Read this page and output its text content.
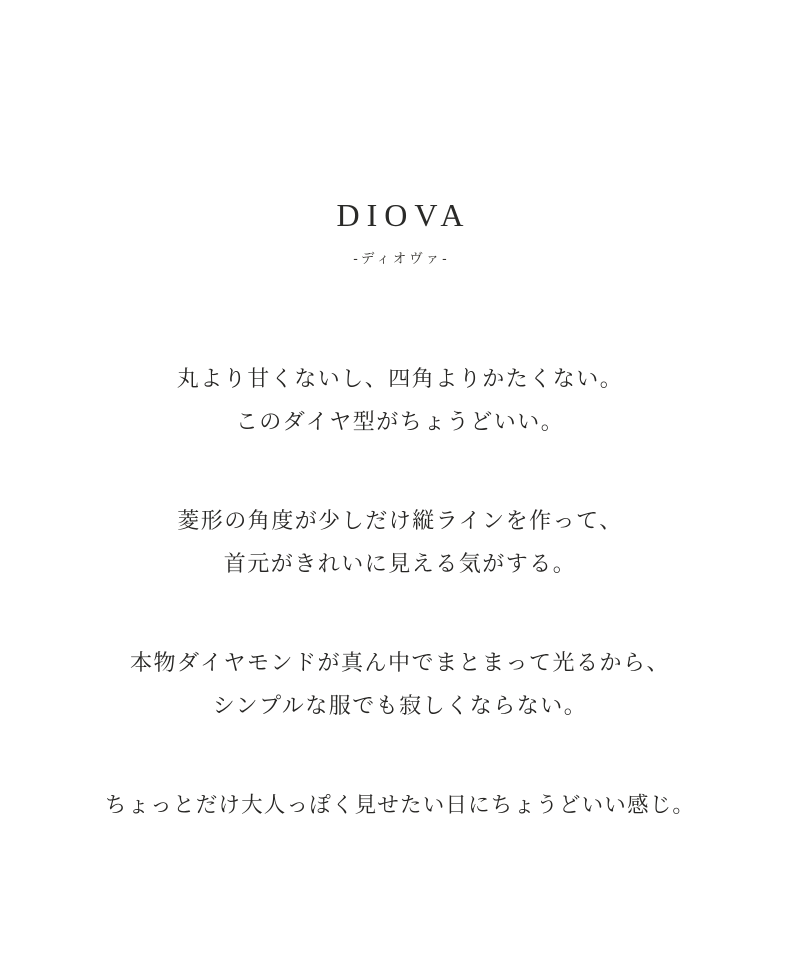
DIOVA
-ディオヴァ-
丸より甘くないし、四角よりかたくない。
このダイヤ型がちょうどいい。
菱形の角度が少しだけ縦ラインを作って、
首元がきれいに見える気がする。
本物ダイヤモンドが真ん中でまとまって光るから、
シンプルな服でも寂しくならない。
ちょっとだけ大人っぽく見せたい日にちょうどいい感じ。
